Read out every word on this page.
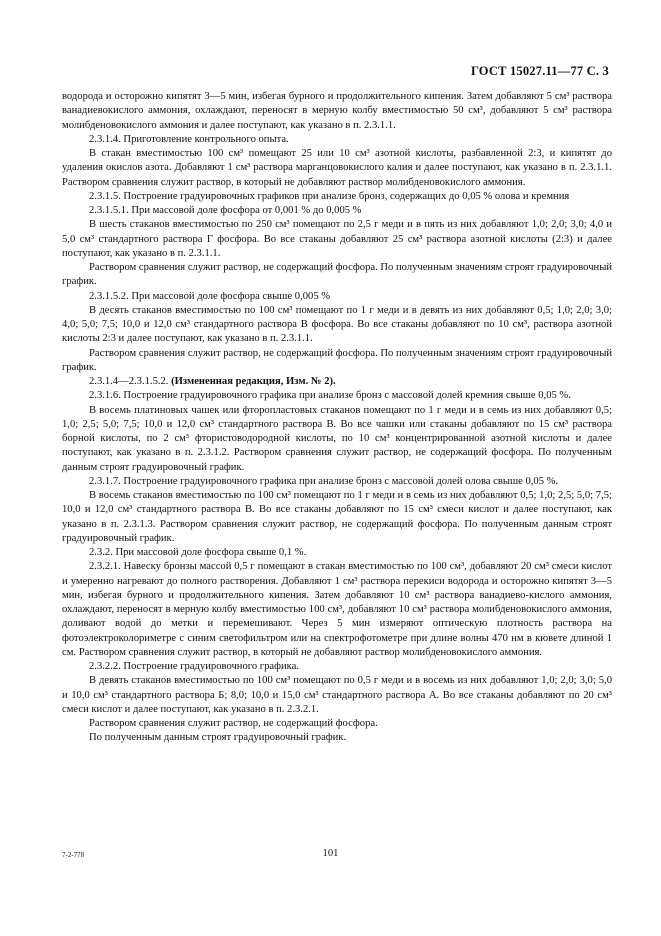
ГОСТ 15027.11—77 С. 3

водорода и осторожно кипятят 3—5 мин, избегая бурного и продолжительного кипения. Затем добавляют 5 см³ раствора ванадиевокислого аммония, охлаждают, переносят в мерную колбу вместимостью 50 см³, добавляют 5 см³ раствора молибденовокислого аммония и далее поступают, как указано в п. 2.3.1.1.

2.3.1.4. Приготовление контрольного опыта.

В стакан вместимостью 100 см³ помещают 25 или 10 см³ азотной кислоты, разбавленной 2:3, и кипятят до удаления окислов азота. Добавляют 1 см³ раствора марганцовокислого калия и далее поступают, как указано в п. 2.3.1.1. Раствором сравнения служит раствор, в который не добавляют раствор молибденовокислого аммония.

2.3.1.5. Построение градуировочных графиков при анализе бронз, содержащих до 0,05 % олова и кремния

2.3.1.5.1. При массовой доле фосфора от 0,001 % до 0,005 %

В шесть стаканов вместимостью по 250 см³ помещают по 2,5 г меди и в пять из них добавляют 1,0; 2,0; 3,0; 4,0 и 5,0 см³ стандартного раствора Г фосфора. Во все стаканы добавляют 25 см³ раствора азотной кислоты (2:3) и далее поступают, как указано в п. 2.3.1.1.

Раствором сравнения служит раствор, не содержащий фосфора. По полученным значениям строят градуировочный график.

2.3.1.5.2. При массовой доле фосфора свыше 0,005 %

В десять стаканов вместимостью по 100 см³ помещают по 1 г меди и в девять из них добавляют 0,5; 1,0; 2,0; 3,0; 4,0; 5,0; 7,5; 10,0 и 12,0 см³ стандартного раствора В фосфора. Во все стаканы добавляют по 10 см³, раствора азотной кислоты 2:3 и далее поступают, как указано в п. 2.3.1.1.

Раствором сравнения служит раствор, не содержащий фосфора. По полученным значениям строят градуировочный график.

2.3.1.4—2.3.1.5.2. (Измененная редакция, Изм. № 2).

2.3.1.6. Построение градуировочного графика при анализе бронз с массовой долей кремния свыше 0,05 %.

В восемь платиновых чашек или фторопластовых стаканов помещают по 1 г меди и в семь из них добавляют 0,5; 1,0; 2,5; 5,0; 7,5; 10,0 и 12,0 см³ стандартного раствора В. Во все чашки или стаканы добавляют по 15 см³ раствора борной кислоты, по 2 см³ фтористоводородной кислоты, по 10 см³ концентрированной азотной кислоты и далее поступают, как указано в п. 2.3.1.2. Раствором сравнения служит раствор, не содержащий фосфора. По полученным данным строят градуировочный график.

2.3.1.7. Построение градуировочного графика при анализе бронз с массовой долей олова свыше 0,05 %.

В восемь стаканов вместимостью по 100 см³ помещают по 1 г меди и в семь из них добавляют 0,5; 1,0; 2,5; 5,0; 7,5; 10,0 и 12,0 см³ стандартного раствора В. Во все стаканы добавляют по 15 см³ смеси кислот и далее поступают, как указано в п. 2.3.1.3. Раствором сравнения служит раствор, не содержащий фосфора. По полученным данным строят градуировочный график.

2.3.2. При массовой доле фосфора свыше 0,1 %.

2.3.2.1. Навеску бронзы массой 0,5 г помещают в стакан вместимостью по 100 см³, добавляют 20 см³ смеси кислот и умеренно нагревают до полного растворения. Добавляют 1 см³ раствора перекиси водорода и осторожно кипятят 3—5 мин, избегая бурного и продолжительного кипения. Затем добавляют 10 см³ раствора ванадиево-кислого аммония, охлаждают, переносят в мерную колбу вместимостью 100 см³, добавляют 10 см³ раствора молибденовокислого аммония, доливают водой до метки и перемешивают. Через 5 мин измеряют оптическую плотность раствора на фотоэлектроколориметре с синим светофильтром или на спектрофотометре при длине волны 470 нм в кювете длиной 1 см. Раствором сравнения служит раствор, в который не добавляют раствор молибденовокислого аммония.

2.3.2.2. Построение градуировочного графика.

В девять стаканов вместимостью по 100 см³ помещают по 0,5 г меди и в восемь из них добавляют 1,0; 2,0; 3,0; 5,0 и 10,0 см³ стандартного раствора Б; 8,0; 10,0 и 15,0 см³ стандартного раствора А. Во все стаканы добавляют по 20 см³ смеси кислот и далее поступают, как указано в п. 2.3.2.1.

Раствором сравнения служит раствор, не содержащий фосфора.

По полученным данным строят градуировочный график.

7-2-778	101
